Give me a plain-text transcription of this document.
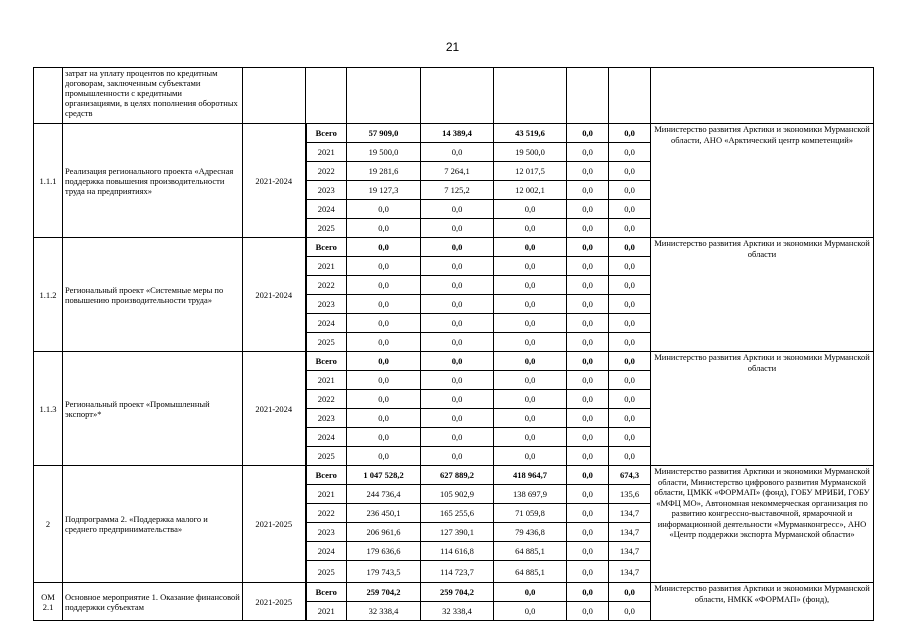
21
	затрат на уплату процентов по кредитным договорам, заключенным субъектами промышленности с кредитными организациями, в целях пополнения оборотных средств								
1.1.1	Реализация регионального проекта «Адресная поддержка повышения производительности труда на предприятиях»	2021-2024	Всего	57 909,0	14 389,4	43 519,6	0,0	0,0	Министерство развития Арктики и экономики Мурманской области, АНО «Арктический центр компетенций»
			2021	19 500,0	0,0	19 500,0	0,0	0,0	
			2022	19 281,6	7 264,1	12 017,5	0,0	0,0	
			2023	19 127,3	7 125,2	12 002,1	0,0	0,0	
			2024	0,0	0,0	0,0	0,0	0,0	
			2025	0,0	0,0	0,0	0,0	0,0	
1.1.2	Региональный проект «Системные меры по повышению производительности труда»	2021-2024	Всего	0,0	0,0	0,0	0,0	0,0	Министерство развития Арктики и экономики Мурманской области
			2021	0,0	0,0	0,0	0,0	0,0	
			2022	0,0	0,0	0,0	0,0	0,0	
			2023	0,0	0,0	0,0	0,0	0,0	
			2024	0,0	0,0	0,0	0,0	0,0	
			2025	0,0	0,0	0,0	0,0	0,0	
1.1.3	Региональный проект «Промышленный экспорт»*	2021-2024	Всего	0,0	0,0	0,0	0,0	0,0	Министерство развития Арктики и экономики Мурманской области
			2021	0,0	0,0	0,0	0,0	0,0	
			2022	0,0	0,0	0,0	0,0	0,0	
			2023	0,0	0,0	0,0	0,0	0,0	
			2024	0,0	0,0	0,0	0,0	0,0	
			2025	0,0	0,0	0,0	0,0	0,0	
2	Подпрограмма 2. «Поддержка малого и среднего предпринимательства»	2021-2025	Всего	1 047 528,2	627 889,2	418 964,7	0,0	674,3	Министерство развития Арктики и экономики Мурманской области, Министерство цифрового развития Мурманской области, ЦМКК «ФОРМАП» (фонд), ГОБУ МРИБИ, ГОБУ «МФЦ МО», Автономная некоммерческая организация по развитию конгрессно-выставочной, ярмарочной и информационной деятельности «Мурманконгресс», АНО «Центр поддержки экспорта Мурманской области»
			2021	244 736,4	105 902,9	138 697,9	0,0	135,6	
			2022	236 450,1	165 255,6	71 059,8	0,0	134,7	
			2023	206 961,6	127 390,1	79 436,8	0,0	134,7	
			2024	179 636,6	114 616,8	64 885,1	0,0	134,7	
			2025	179 743,5	114 723,7	64 885,1	0,0	134,7	
ОМ 2.1	Основное мероприятие 1. Оказание финансовой поддержки субъектам	2021-2025	Всего	259 704,2	259 704,2	0,0	0,0	0,0	Министерство развития Арктики и экономики Мурманской области, НМКК «ФОРМАП» (фонд),
			2021	32 338,4	32 338,4	0,0	0,0	0,0	
